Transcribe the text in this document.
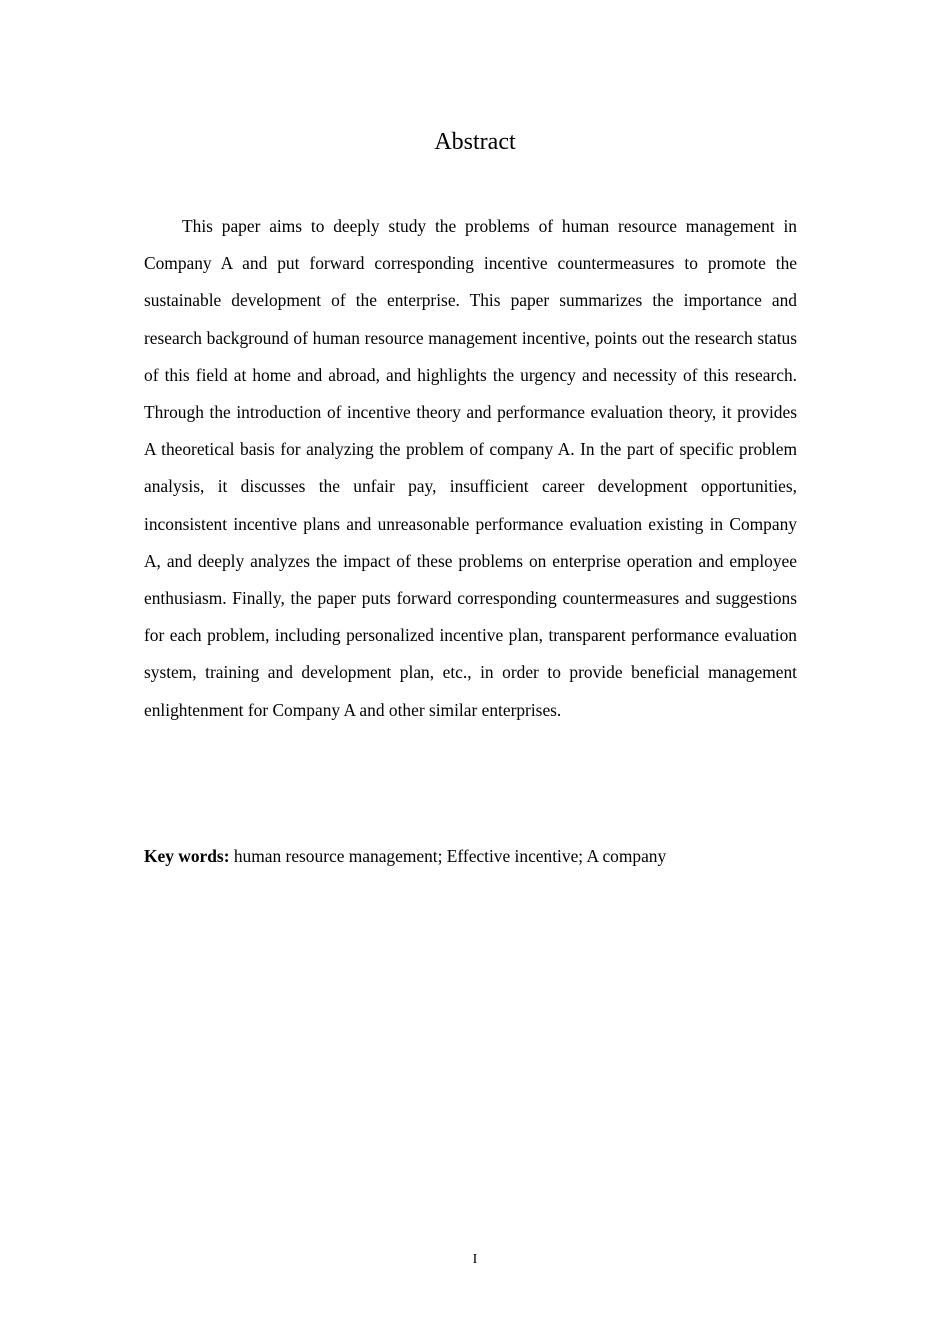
Abstract

This paper aims to deeply study the problems of human resource management in Company A and put forward corresponding incentive countermeasures to promote the sustainable development of the enterprise. This paper summarizes the importance and research background of human resource management incentive, points out the research status of this field at home and abroad, and highlights the urgency and necessity of this research. Through the introduction of incentive theory and performance evaluation theory, it provides A theoretical basis for analyzing the problem of company A. In the part of specific problem analysis, it discusses the unfair pay, insufficient career development opportunities, inconsistent incentive plans and unreasonable performance evaluation existing in Company A, and deeply analyzes the impact of these problems on enterprise operation and employee enthusiasm. Finally, the paper puts forward corresponding countermeasures and suggestions for each problem, including personalized incentive plan, transparent performance evaluation system, training and development plan, etc., in order to provide beneficial management enlightenment for Company A and other similar enterprises.

Key words: human resource management; Effective incentive; A company

I
